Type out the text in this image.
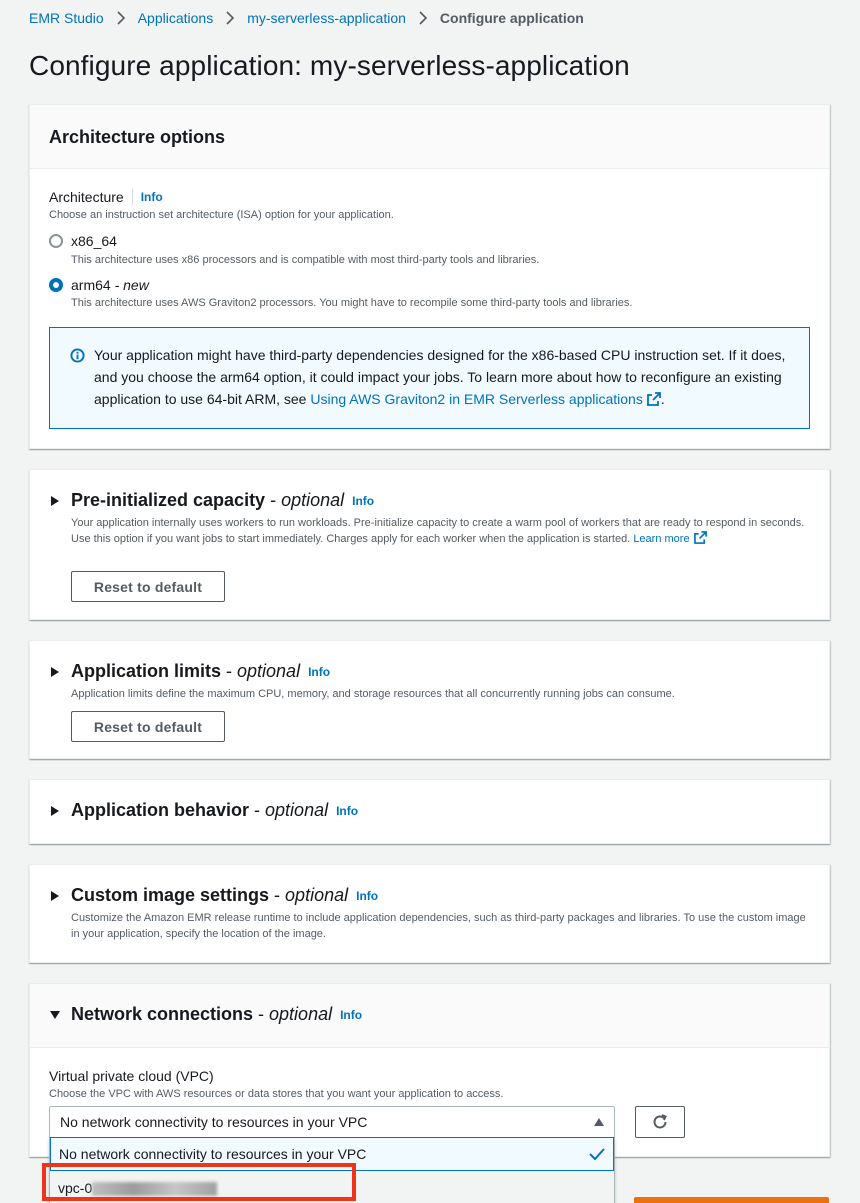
EMR Studio Applications my-serverless-application Configure application
Configure application: my-serverless-application
Architecture options
Architecture Info
Choose an instruction set architecture (ISA) option for your application.
x86_64
This architecture uses x86 processors and is compatible with most third-party tools and libraries.
arm64 - new
This architecture uses AWS Graviton2 processors. You might have to recompile some third-party tools and libraries.
Your application might have third-party dependencies designed for the x86-based CPU instruction set. If it does, and you choose the arm64 option, it could impact your jobs. To learn more about how to reconfigure an existing application to use 64-bit ARM, see Using AWS Graviton2 in EMR Serverless applications .
Pre-initialized capacity - optional Info
Your application internally uses workers to run workloads. Pre-initialize capacity to create a warm pool of workers that are ready to respond in seconds. Use this option if you want jobs to start immediately. Charges apply for each worker when the application is started. Learn more
Reset to default
Application limits - optional Info
Application limits define the maximum CPU, memory, and storage resources that all concurrently running jobs can consume.
Reset to default
Application behavior - optional Info
Custom image settings - optional Info
Customize the Amazon EMR release runtime to include application dependencies, such as third-party packages and libraries. To use the custom image in your application, specify the location of the image.
Network connections - optional Info
Virtual private cloud (VPC)
Choose the VPC with AWS resources or data stores that you want your application to access.
No network connectivity to resources in your VPC
No network connectivity to resources in your VPC
vpc-0
